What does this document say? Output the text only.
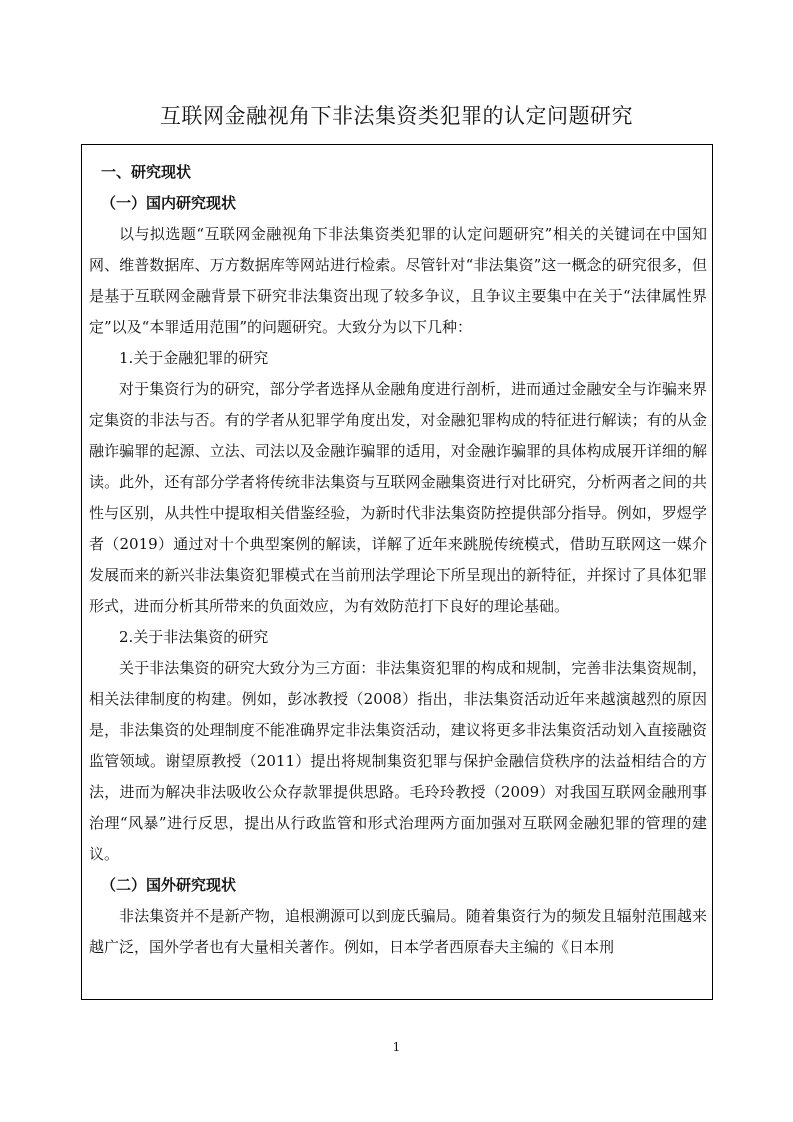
互联网金融视角下非法集资类犯罪的认定问题研究

一、研究现状

（一）国内研究现状

以与拟选题“互联网金融视角下非法集资类犯罪的认定问题研究”相关的关键词在中国知网、维普数据库、万方数据库等网站进行检索。尽管针对“非法集资”这一概念的研究很多，但是基于互联网金融背景下研究非法集资出现了较多争议，且争议主要集中在关于“法律属性界定”以及“本罪适用范围”的问题研究。大致分为以下几种：

1.关于金融犯罪的研究

对于集资行为的研究，部分学者选择从金融角度进行剖析，进而通过金融安全与诈骗来界定集资的非法与否。有的学者从犯罪学角度出发，对金融犯罪构成的特征进行解读；有的从金融诈骗罪的起源、立法、司法以及金融诈骗罪的适用，对金融诈骗罪的具体构成展开详细的解读。此外，还有部分学者将传统非法集资与互联网金融集资进行对比研究，分析两者之间的共性与区别，从共性中提取相关借鉴经验，为新时代非法集资防控提供部分指导。例如，罗煜学者（2019）通过对十个典型案例的解读，详解了近年来跳脱传统模式，借助互联网这一媒介发展而来的新兴非法集资犯罪模式在当前刑法学理论下所呈现出的新特征，并探讨了具体犯罪形式，进而分析其所带来的负面效应，为有效防范打下良好的理论基础。

2.关于非法集资的研究

关于非法集资的研究大致分为三方面：非法集资犯罪的构成和规制，完善非法集资规制，相关法律制度的构建。例如，彭冰教授（2008）指出，非法集资活动近年来越演越烈的原因是，非法集资的处理制度不能准确界定非法集资活动，建议将更多非法集资活动划入直接融资监管领域。谢望原教授（2011）提出将规制集资犯罪与保护金融信贷秩序的法益相结合的方法，进而为解决非法吸收公众存款罪提供思路。毛玲玲教授（2009）对我国互联网金融刑事治理“风暴”进行反思，提出从行政监管和形式治理两方面加强对互联网金融犯罪的管理的建议。

（二）国外研究现状

非法集资并不是新产物，追根溯源可以到庞氏骗局。随着集资行为的频发且辐射范围越来越广泛，国外学者也有大量相关著作。例如，日本学者西原春夫主编的《日本刑

1
